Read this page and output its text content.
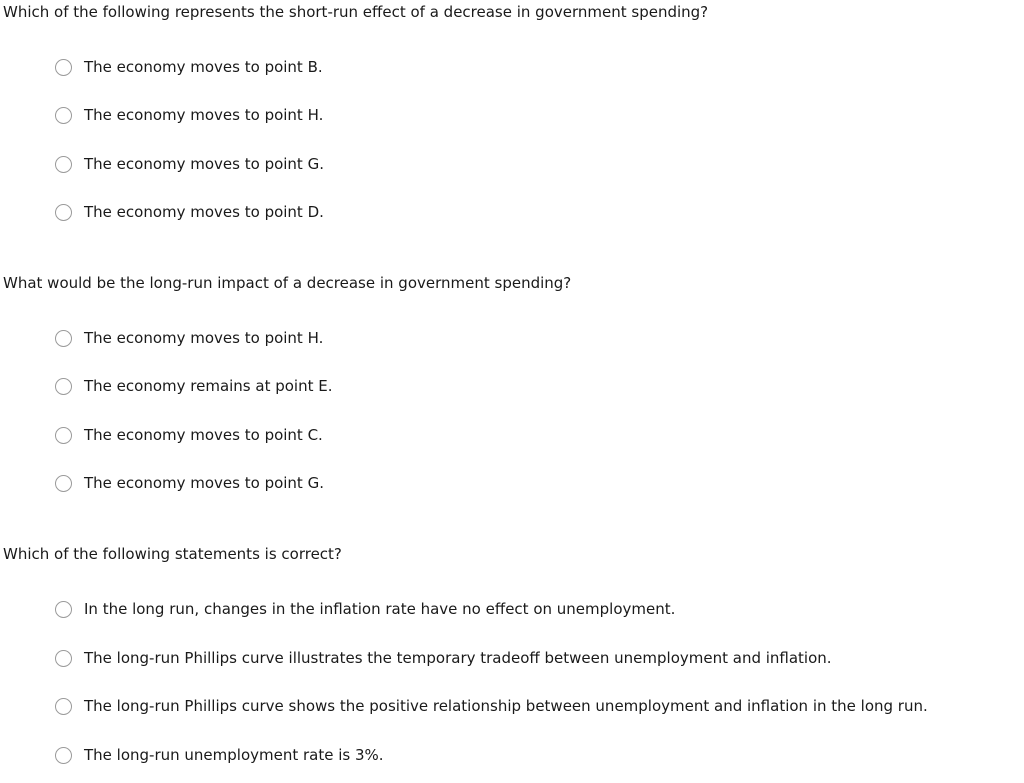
Which of the following represents the short-run effect of a decrease in government spending?

The economy moves to point B.
The economy moves to point H.
The economy moves to point G.
The economy moves to point D.

What would be the long-run impact of a decrease in government spending?

The economy moves to point H.
The economy remains at point E.
The economy moves to point C.
The economy moves to point G.

Which of the following statements is correct?

In the long run, changes in the inflation rate have no effect on unemployment.
The long-run Phillips curve illustrates the temporary tradeoff between unemployment and inflation.
The long-run Phillips curve shows the positive relationship between unemployment and inflation in the long run.
The long-run unemployment rate is 3%.
